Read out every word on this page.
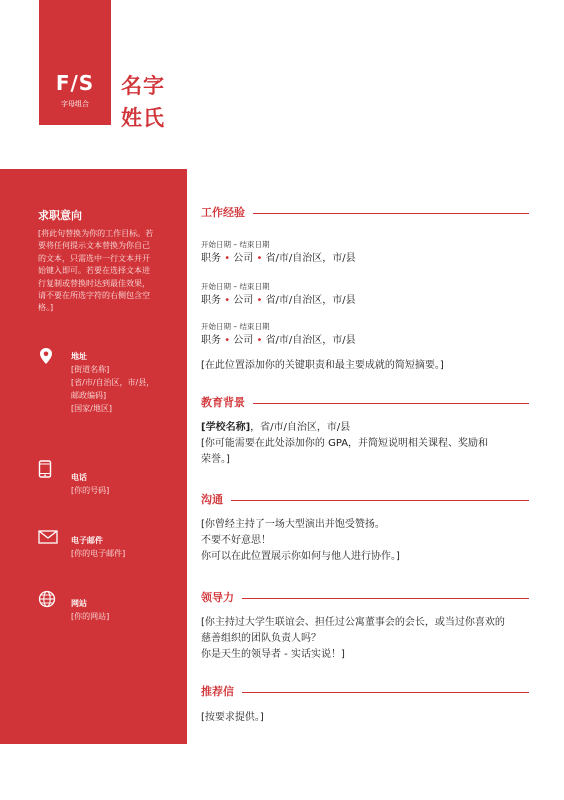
F/S
字母组合
名字
姓氏
求职意向
[将此句替换为你的工作目标。若要将任何提示文本替换为你自己的文本，只需选中一行文本并开始键入即可。若要在选择文本进行复制或替换时达到最佳效果，请不要在所选字符的右侧包含空格。]
地址
[街道名称]
[省/市/自治区，市/县，
邮政编码]
[国家/地区]
电话
[你的号码]
电子邮件
[你的电子邮件]
网站
[你的网站]
工作经验
开始日期 – 结束日期
职务 • 公司 • 省/市/自治区，市/县
开始日期 – 结束日期
职务 • 公司 • 省/市/自治区，市/县
开始日期 – 结束日期
职务 • 公司 • 省/市/自治区，市/县
[在此位置添加你的关键职责和最主要成就的简短摘要。]
教育背景
[学校名称]，省/市/自治区，市/县
[你可能需要在此处添加你的 GPA，并简短说明相关课程、奖励和
荣誉。]
沟通
[你曾经主持了一场大型演出并饱受赞扬。
不要不好意思！
你可以在此位置展示你如何与他人进行协作。]
领导力
[你主持过大学生联谊会、担任过公寓董事会的会长，或当过你喜欢的
慈善组织的团队负责人吗？
你是天生的领导者 - 实话实说！]
推荐信
[按要求提供。]
